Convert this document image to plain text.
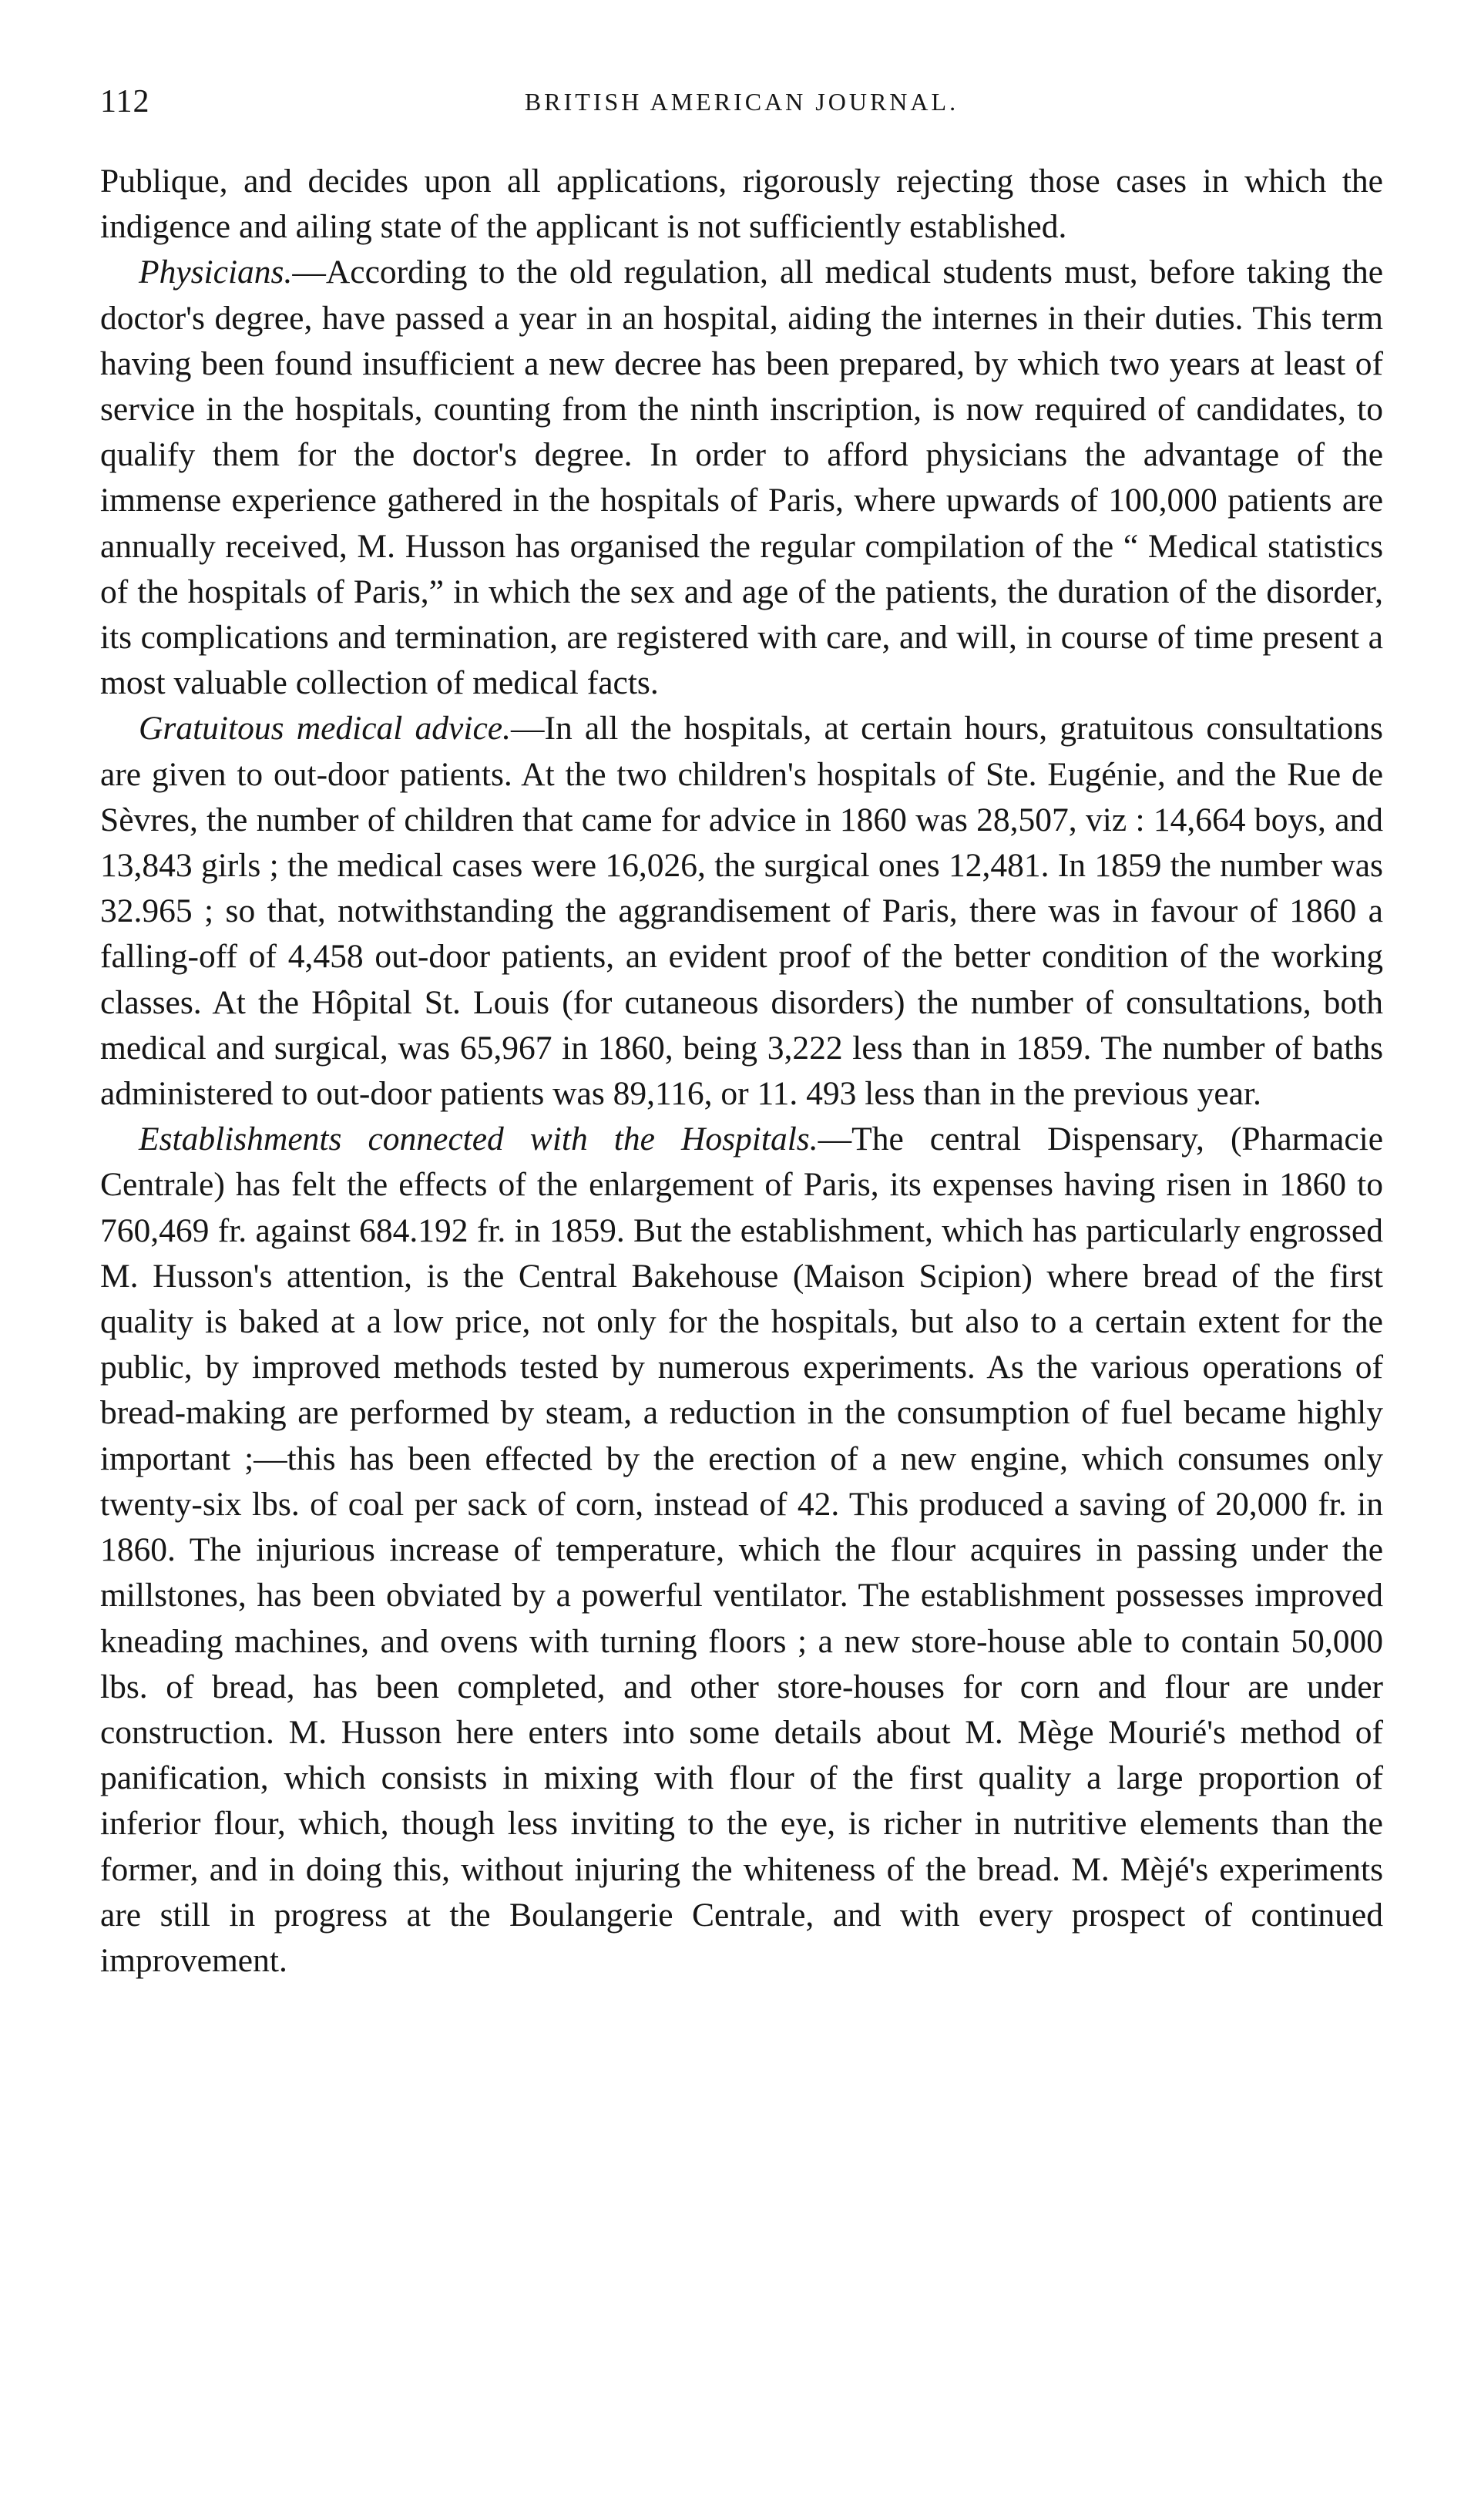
112	BRITISH AMERICAN JOURNAL.

Publique, and decides upon all applications, rigorously rejecting those cases in which the indigence and ailing state of the applicant is not sufficiently established.

Physicians.—According to the old regulation, all medical students must, before taking the doctor's degree, have passed a year in an hospital, aiding the internes in their duties. This term having been found insufficient a new decree has been prepared, by which two years at least of service in the hospitals, counting from the ninth inscription, is now required of candidates, to qualify them for the doctor's degree. In order to afford physicians the advantage of the immense experience gathered in the hospitals of Paris, where upwards of 100,000 patients are annually received, M. Husson has organised the regular compilation of the “ Medical statistics of the hospitals of Paris,” in which the sex and age of the patients, the duration of the disorder, its complications and termination, are registered with care, and will, in course of time present a most valuable collection of medical facts.

Gratuitous medical advice.—In all the hospitals, at certain hours, gratuitous consultations are given to out-door patients. At the two children's hospitals of Ste. Eugénie, and the Rue de Sèvres, the number of children that came for advice in 1860 was 28,507, viz : 14,664 boys, and 13,843 girls ; the medical cases were 16,026, the surgical ones 12,481. In 1859 the number was 32.965 ; so that, notwithstanding the aggrandisement of Paris, there was in favour of 1860 a falling-off of 4,458 out-door patients, an evident proof of the better condition of the working classes. At the Hôpital St. Louis (for cutaneous disorders) the number of consultations, both medical and surgical, was 65,967 in 1860, being 3,222 less than in 1859. The number of baths administered to out-door patients was 89,116, or 11. 493 less than in the previous year.

Establishments connected with the Hospitals.—The central Dispensary, (Pharmacie Centrale) has felt the effects of the enlargement of Paris, its expenses having risen in 1860 to 760,469 fr. against 684.192 fr. in 1859. But the establishment, which has particularly engrossed M. Husson's attention, is the Central Bakehouse (Maison Scipion) where bread of the first quality is baked at a low price, not only for the hospitals, but also to a certain extent for the public, by improved methods tested by numerous experiments. As the various operations of bread-making are performed by steam, a reduction in the consumption of fuel became highly important ;—this has been effected by the erection of a new engine, which consumes only twenty-six lbs. of coal per sack of corn, instead of 42. This produced a saving of 20,000 fr. in 1860. The injurious increase of temperature, which the flour acquires in passing under the millstones, has been obviated by a powerful ventilator. The establishment possesses improved kneading machines, and ovens with turning floors ; a new store-house able to contain 50,000 lbs. of bread, has been completed, and other store-houses for corn and flour are under construction. M. Husson here enters into some details about M. Mège Mourié's method of panification, which consists in mixing with flour of the first quality a large proportion of inferior flour, which, though less inviting to the eye, is richer in nutritive elements than the former, and in doing this, without injuring the whiteness of the bread. M. Mèjé's experiments are still in progress at the Boulangerie Centrale, and with every prospect of continued improvement.
